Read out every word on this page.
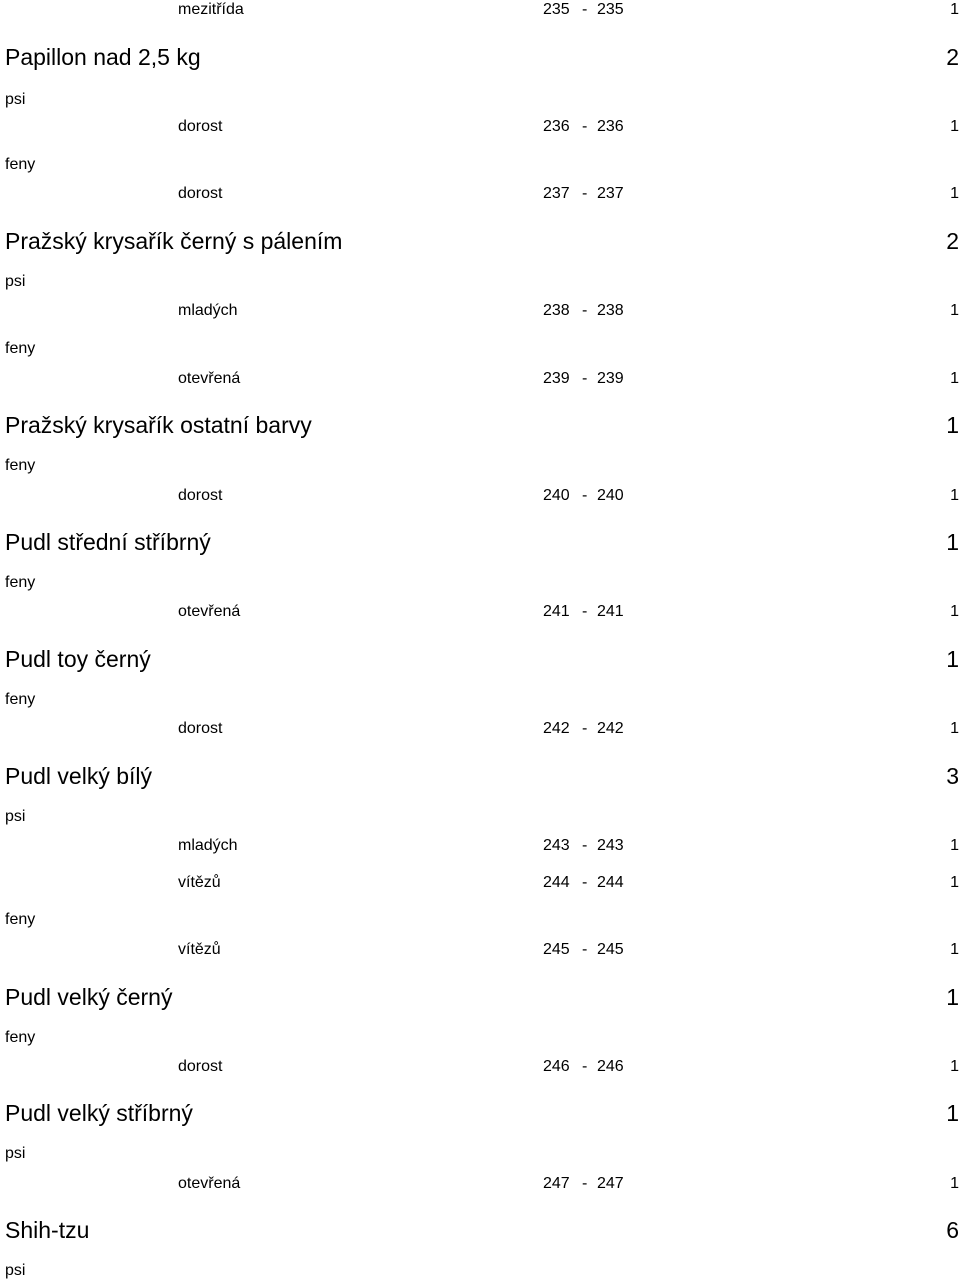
mezitřída	235 - 235	1
Papillon nad 2,5 kg	2
psi
dorost	236 - 236	1
feny
dorost	237 - 237	1
Pražský krysařík černý s pálením	2
psi
mladých	238 - 238	1
feny
otevřená	239 - 239	1
Pražský krysařík ostatní barvy	1
feny
dorost	240 - 240	1
Pudl střední stříbrný	1
feny
otevřená	241 - 241	1
Pudl toy černý	1
feny
dorost	242 - 242	1
Pudl velký bílý	3
psi
mladých	243 - 243	1
vítězů	244 - 244	1
feny
vítězů	245 - 245	1
Pudl velký černý	1
feny
dorost	246 - 246	1
Pudl velký stříbrný	1
psi
otevřená	247 - 247	1
Shih-tzu	6
psi
